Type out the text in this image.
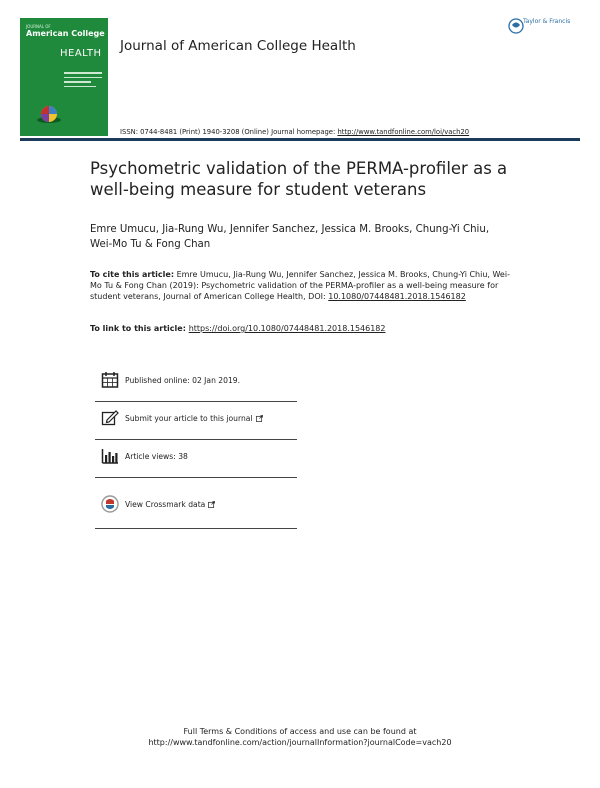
JOURNAL OF
American College
HEALTH Journal of American College Health
Taylor & Francis
ISSN: 0744-8481 (Print) 1940-3208 (Online) Journal homepage: http://www.tandfonline.com/loi/vach20
Psychometric validation of the PERMA-profiler as a well-being measure for student veterans
Emre Umucu, Jia-Rung Wu, Jennifer Sanchez, Jessica M. Brooks, Chung-Yi Chiu, Wei-Mo Tu & Fong Chan
To cite this article: Emre Umucu, Jia-Rung Wu, Jennifer Sanchez, Jessica M. Brooks, Chung-Yi Chiu, Wei-Mo Tu & Fong Chan (2019): Psychometric validation of the PERMA-profiler as a well-being measure for student veterans, Journal of American College Health, DOI: 10.1080/07448481.2018.1546182
To link to this article: https://doi.org/10.1080/07448481.2018.1546182
Published online: 02 Jan 2019.
Submit your article to this journal
Article views: 38
View Crossmark data
Full Terms & Conditions of access and use can be found at
http://www.tandfonline.com/action/journalInformation?journalCode=vach20
